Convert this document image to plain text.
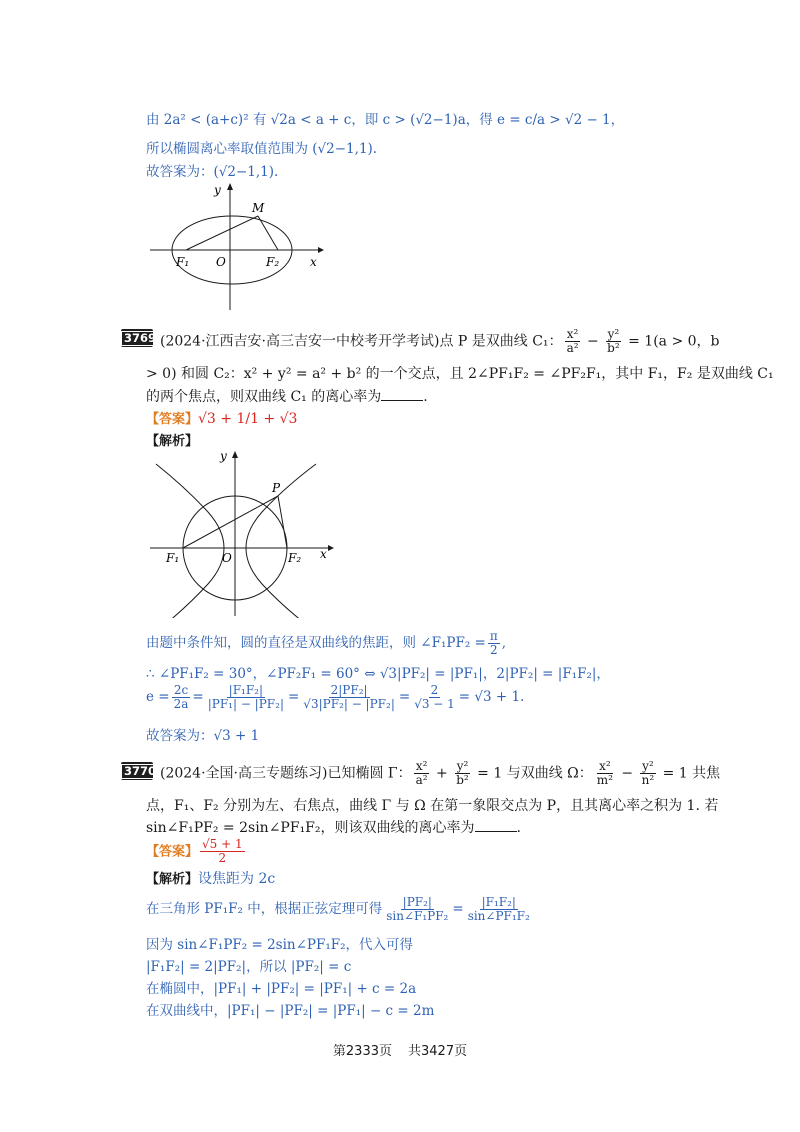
由 2a² < (a+c)² 有 √2a < a + c，即 c > (√2−1)a，得 e = c/a > √2 − 1，
所以椭圆离心率取值范围为 (√2−1,1).
故答案为：(√2−1,1).
y
x
M
O
F₁	F₂
3769 (2024·江西吉安·高三吉安一中校考开学考试)点 P 是双曲线 C₁： $\frac{\text{x²}}{\text{a²}} - \frac{\text{y²}}{\text{b²}} = 1(a > 0$，b
> 0) 和圆 C₂：x² + y² = a² + b² 的一个交点，且 2∠PF₁F₂ = ∠PF₂F₁，其中 F₁，F₂ 是双曲线 C₁
的两个焦点，则双曲线 C₁ 的离心率为	.
【答案】√3 + 1/1 + √3
【解析】
y
x
P
O
F₁	F₂
由题中条件知，圆的直径是双曲线的焦距，则 ∠F₁PF₂ = $\frac{\pi}{2}$ ,
∴ ∠PF₁F₂ = 30°，∠PF₂F₁ = 60° ⇔ √3|PF₂| = |PF₁|，2|PF₂| = |F₁F₂|，
$e = \frac{2c}{2a} = \frac{\text{|F₁F₂|}}{\text{|PF₁| − |PF₂|}} = \frac{\text{2|PF₂|}}{\text{√3|PF₂| − |PF₂|}} = \frac{2}{√3 - 1} = √3 + 1$.
故答案为：√3 + 1
3770 (2024·全国·高三专题练习)已知椭圆 Γ： $\frac{\text{x²}}{\text{a²}} + \frac{\text{y²}}{\text{b²}} = 1$ 与双曲线 Ω： $\frac{\text{x²}}{\text{m²}} - \frac{\text{y²}}{\text{n²}} = 1$ 共焦
点，F₁、F₂ 分别为左、右焦点，曲线 Γ 与 Ω 在第一象限交点为 P，且其离心率之积为 1. 若
sin∠F₁PF₂ = 2sin∠PF₁F₂，则该双曲线的离心率为	.
【答案】 $\frac{√5 + 1}{2}$
【解析】设焦距为 2c
在三角形 PF₁F₂ 中，根据正弦定理可得 $\frac{\text{|PF₂|}}{\text{sin∠F₁PF₂}} = \frac{\text{|F₁F₂|}}{\text{sin∠PF₁F₂}}$
因为 sin∠F₁PF₂ = 2sin∠PF₁F₂，代入可得
|F₁F₂| = 2|PF₂|，所以 |PF₂| = c
在椭圆中，|PF₁| + |PF₂| = |PF₁| + c = 2a
在双曲线中，|PF₁| − |PF₂| = |PF₁| − c = 2m
第2333页 共3427页
